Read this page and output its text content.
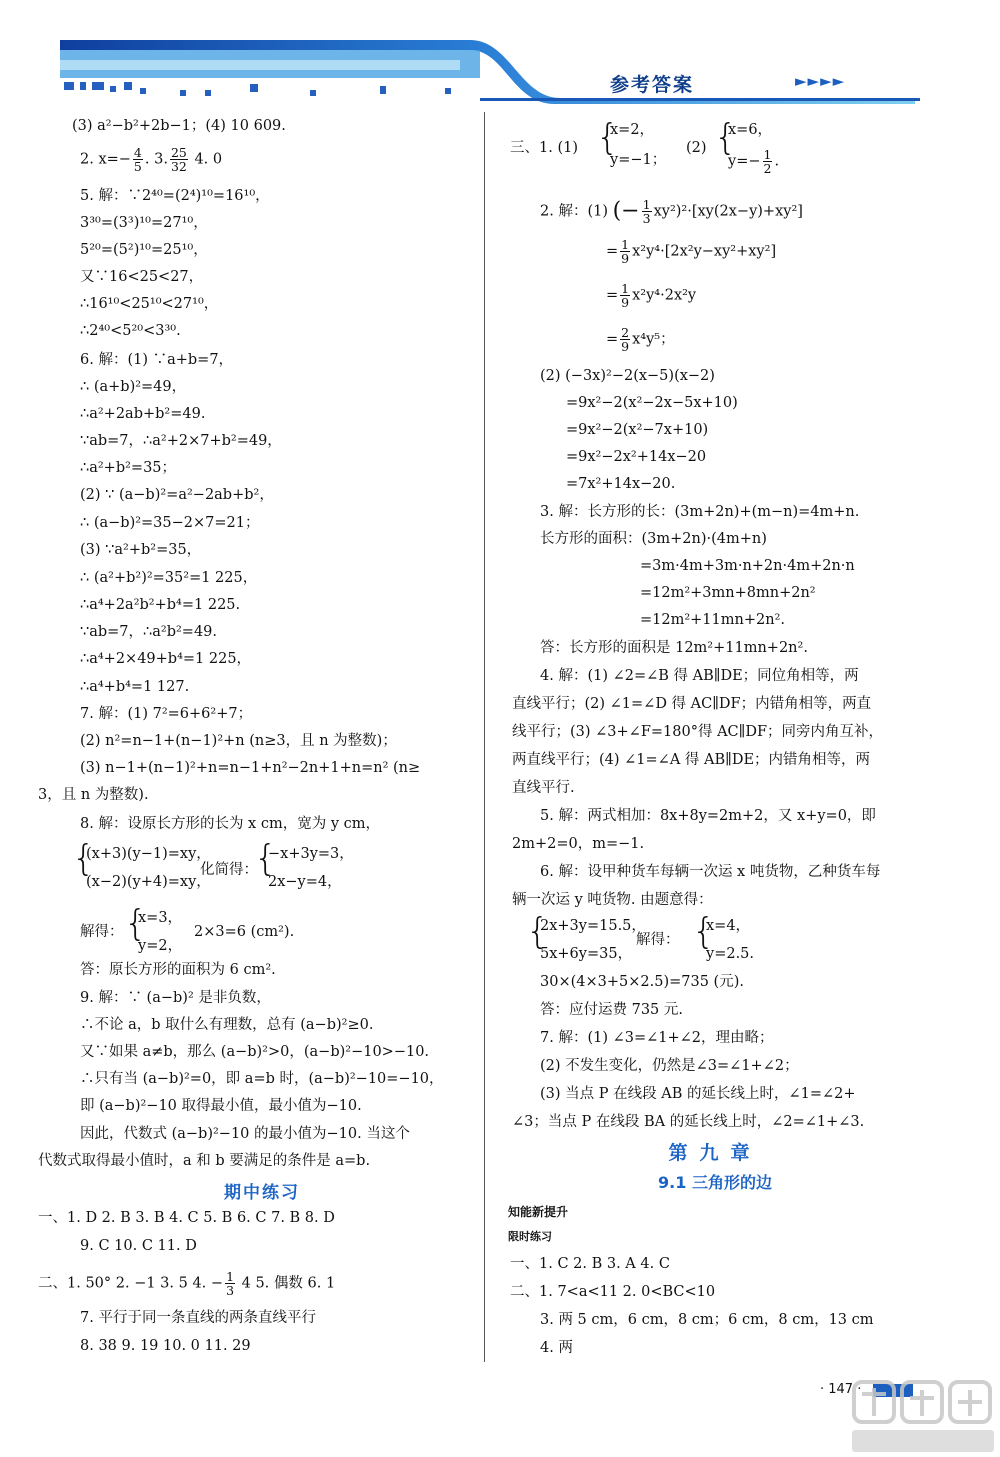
参考答案	►►►►
(3) a²−b²+2b−1；(4) 10 609.
2. $x=- \frac{4}{5}$ . 3. $\frac{25}{32} 4$. 0
5. 解：∵2⁴⁰=(2⁴)¹⁰=16¹⁰，
3³⁰=(3³)¹⁰=27¹⁰，
5²⁰=(5²)¹⁰=25¹⁰，
又∵16<25<27，
∴16¹⁰<25¹⁰<27¹⁰，
∴2⁴⁰<5²⁰<3³⁰.
6. 解：(1) ∵a+b=7，
∴ (a+b)²=49，
∴a²+2ab+b²=49.
∵ab=7，∴a²+2×7+b²=49，
∴a²+b²=35；
(2) ∵ (a−b)²=a²−2ab+b²，
∴ (a−b)²=35−2×7=21；
(3) ∵a²+b²=35，
∴ (a²+b²)²=35²=1 225，
∴a⁴+2a²b²+b⁴=1 225.
∵ab=7，∴a²b²=49.
∴a⁴+2×49+b⁴=1 225，
∴a⁴+b⁴=1 127.
7. 解：(1) 7²=6+6²+7；
(2) n²=n−1+(n−1)²+n (n≥3，且 n 为整数)；
(3) n−1+(n−1)²+n=n−1+n²−2n+1+n=n² (n≥
3，且 n 为整数).
8. 解：设原长方形的长为 x cm，宽为 y cm，
{
(x+3)(y−1)=xy，
化简得：
{
−x+3y=3，
(x−2)(y+4)=xy，	2x−y=4，
解得： {
x=3，
2×3=6 (cm²).
y=2，
答：原长方形的面积为 6 cm².
9. 解：∵ (a−b)² 是非负数，
∴不论 a，b 取什么有理数，总有 (a−b)²≥0.
又∵如果 a≠b，那么 (a−b)²>0，(a−b)²−10>−10.
∴只有当 (a−b)²=0，即 a=b 时，(a−b)²−10=−10，
即 (a−b)²−10 取得最小值，最小值为−10.
因此，代数式 (a−b)²−10 的最小值为−10. 当这个
代数式取得最小值时，a 和 b 要满足的条件是 a=b.
期中练习
一、1. D 2. B 3. B 4. C 5. B 6. C 7. B 8. D
9. C 10. C 11. D
二、1. 50° 2. −1 3. 5 4. − $\frac{1}{3} 4$ 5. 偶数 6. 1
7. 平行于同一条直线的两条直线平行
8. 38 9. 19 10. 0 11. 29
三、1. (1) {
x=2，
y=−1；
(2) {
x=6，
$y=- \frac{1}{2}$ .
2. 解：(1) (− $\frac{1}{3} xy^2)^2\cdot[xy(2x-y)+xy^2]$
= $\frac{1}{9} x^2y^4\cdot[2x^2y-xy^2+xy^2]$
= $\frac{1}{9} x^2y^4\cdot 2x^2y$
= $\frac{2}{9} x^4y^5$；
(2) (−3x)²−2(x−5)(x−2)
=9x²−2(x²−2x−5x+10)
=9x²−2(x²−7x+10)
=9x²−2x²+14x−20
=7x²+14x−20.
3. 解：长方形的长：(3m+2n)+(m−n)=4m+n.
长方形的面积：(3m+2n)·(4m+n)
=3m·4m+3m·n+2n·4m+2n·n
=12m²+3mn+8mn+2n²
=12m²+11mn+2n².
答：长方形的面积是 12m²+11mn+2n².
4. 解：(1) ∠2=∠B 得 AB∥DE；同位角相等，两
直线平行；(2) ∠1=∠D 得 AC∥DF；内错角相等，两直
线平行；(3) ∠3+∠F=180°得 AC∥DF；同旁内角互补，
两直线平行；(4) ∠1=∠A 得 AB∥DE；内错角相等，两
直线平行.
5. 解：两式相加：8x+8y=2m+2，又 x+y=0，即
2m+2=0，m=−1.
6. 解：设甲种货车每辆一次运 x 吨货物，乙种货车每
辆一次运 y 吨货物. 由题意得：
{
2x+3y=15.5，
解得： {
x=4，
5x+6y=35，	y=2.5.
30×(4×3+5×2.5)=735 (元).
答：应付运费 735 元.
7. 解：(1) ∠3=∠1+∠2，理由略；
(2) 不发生变化，仍然是∠3=∠1+∠2；
(3) 当点 P 在线段 AB 的延长线上时，∠1=∠2+
∠3；当点 P 在线段 BA 的延长线上时，∠2=∠1+∠3.
第九章
9.1 三角形的边
知能新提升
限时练习
一、1. C 2. B 3. A 4. C
二、1. 7<a<11 2. 0<BC<10
3. 两 5 cm，6 cm，8 cm；6 cm，8 cm，13 cm
4. 两
· 147 ·
